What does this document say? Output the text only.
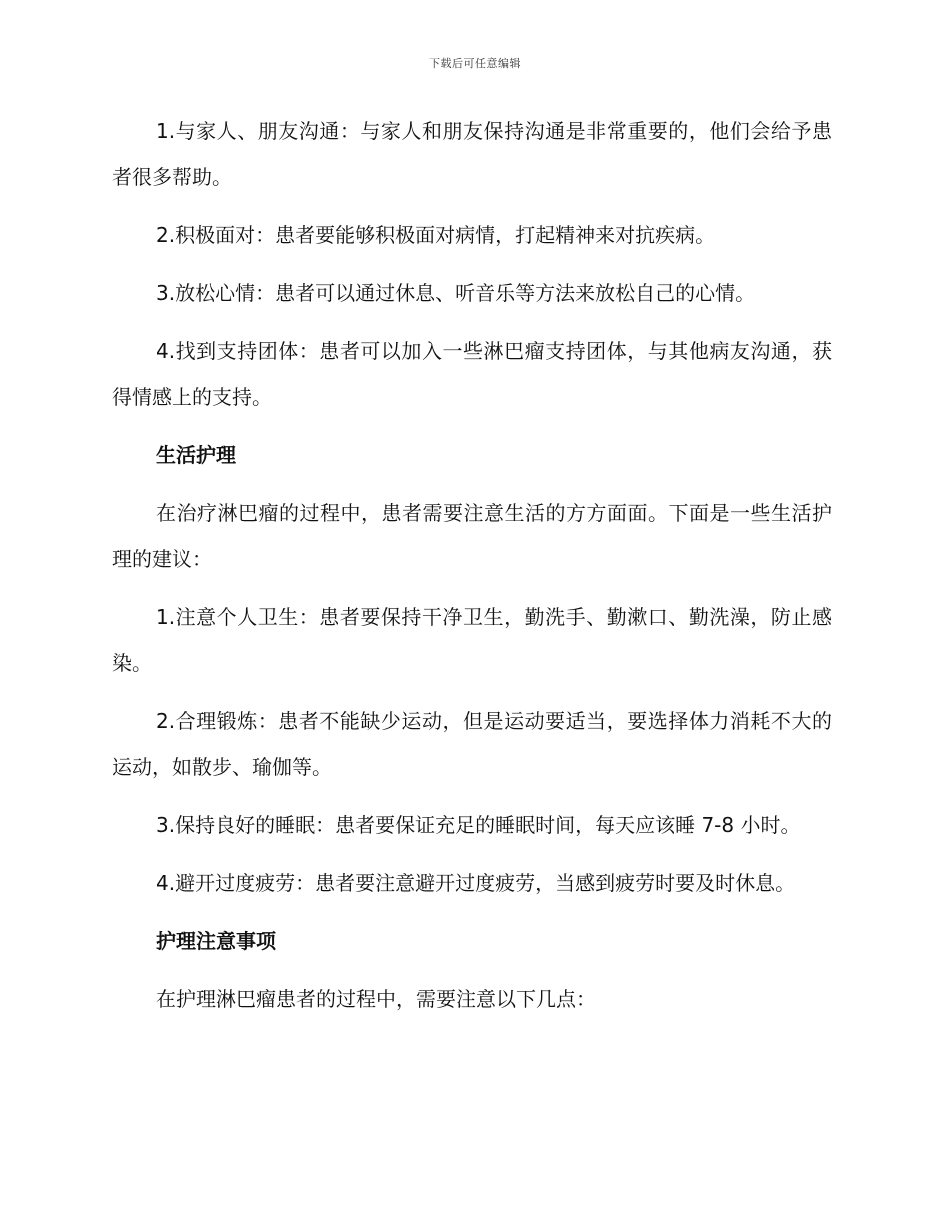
下载后可任意编辑

1.与家人、朋友沟通：与家人和朋友保持沟通是非常重要的，他们会给予患者很多帮助。

2.积极面对：患者要能够积极面对病情，打起精神来对抗疾病。

3.放松心情：患者可以通过休息、听音乐等方法来放松自己的心情。

4.找到支持团体：患者可以加入一些淋巴瘤支持团体，与其他病友沟通，获得情感上的支持。

生活护理

在治疗淋巴瘤的过程中，患者需要注意生活的方方面面。下面是一些生活护理的建议：

1.注意个人卫生：患者要保持干净卫生，勤洗手、勤漱口、勤洗澡，防止感染。

2.合理锻炼：患者不能缺少运动，但是运动要适当，要选择体力消耗不大的运动，如散步、瑜伽等。

3.保持良好的睡眠：患者要保证充足的睡眠时间，每天应该睡 7-8 小时。

4.避开过度疲劳：患者要注意避开过度疲劳，当感到疲劳时要及时休息。

护理注意事项

在护理淋巴瘤患者的过程中，需要注意以下几点：
